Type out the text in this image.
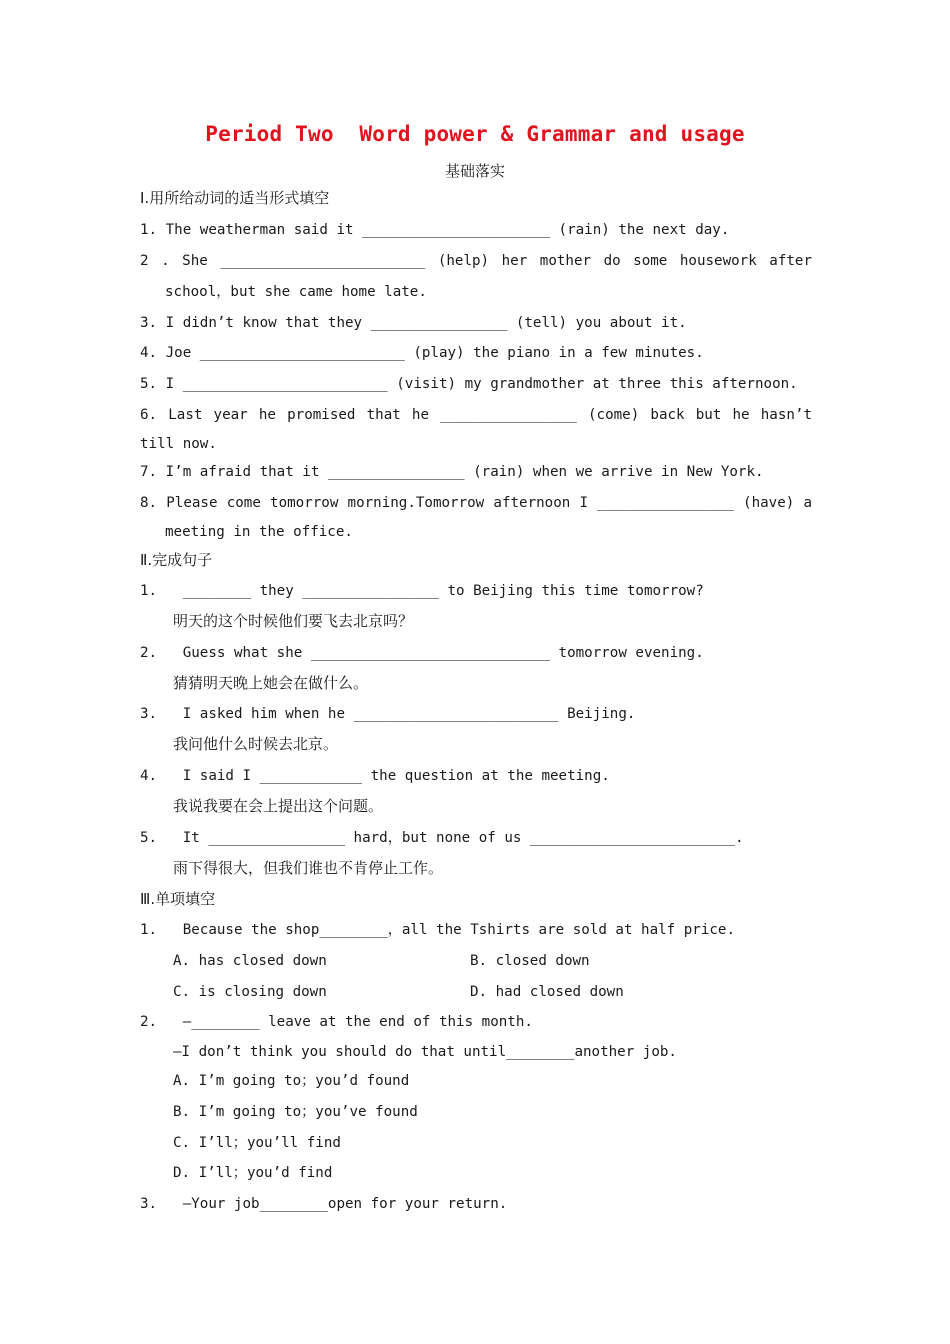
Period Two  Word power & Grammar and usage
基础落实
Ⅰ.用所给动词的适当形式填空
1. The weatherman said it ______________________ (rain) the next day.
2 . She ________________________ (help) her mother do some housework after
school，but she came home late.
3. I didn’t know that they ________________ (tell) you about it.
4. Joe ________________________ (play) the piano in a few minutes.
5. I ________________________ (visit) my grandmother at three this afternoon.
6. Last year he promised that he ________________ (come) back but he hasn’t
till now.
7. I’m afraid that it ________________ (rain) when we arrive in New York.
8. Please come tomorrow morning.Tomorrow afternoon I ________________ (have) a
meeting in the office.
Ⅱ.完成句子
1.   ________ they ________________ to Beijing this time tomorrow?
明天的这个时候他们要飞去北京吗？
2.   Guess what she ____________________________ tomorrow evening.
猜猜明天晚上她会在做什么。
3.   I asked him when he ________________________ Beijing.
我问他什么时候去北京。
4.   I said I ____________ the question at the meeting.
我说我要在会上提出这个问题。
5.   It ________________ hard，but none of us ________________________.
雨下得很大，但我们谁也不肯停止工作。
Ⅲ.单项填空
1.   Because the shop________，all the Tshirts are sold at half price.
A. has closed down	B. closed down
C. is closing down	D. had closed down
2.   —________ leave at the end of this month.
—I don’t think you should do that until________another job.
A. I’m going to；you’d found
B. I’m going to；you’ve found
C. I’ll；you’ll find
D. I’ll；you’d find
3.   —Your job________open for your return.
